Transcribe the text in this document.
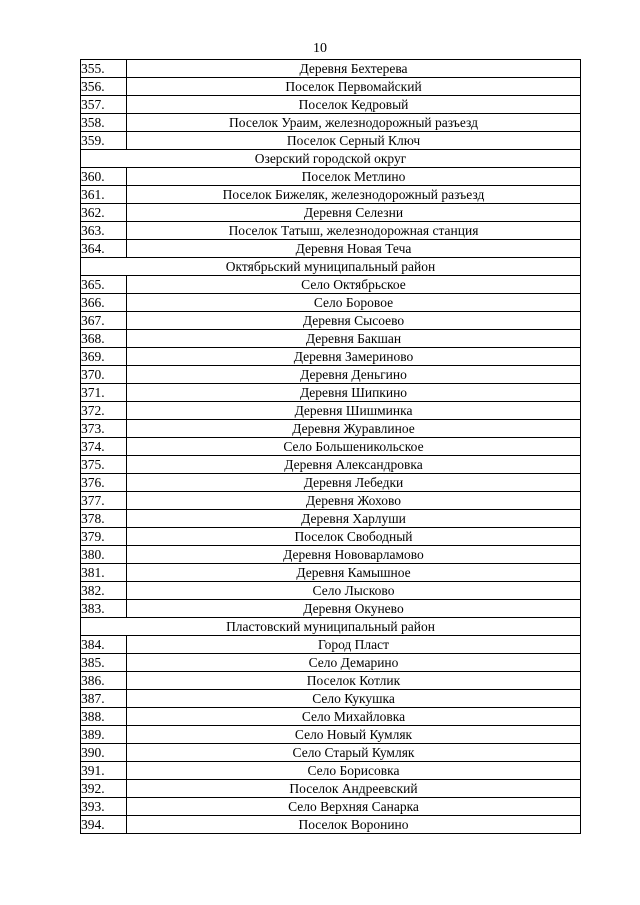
10
355.	Деревня Бехтерева
356.	Поселок Первомайский
357.	Поселок Кедровый
358.	Поселок Ураим, железнодорожный разъезд
359.	Поселок Серный Ключ
Озерский городской округ	
360.	Поселок Метлино
361.	Поселок Бижеляк, железнодорожный разъезд
362.	Деревня Селезни
363.	Поселок Татыш, железнодорожная станция
364.	Деревня Новая Теча
Октябрьский муниципальный район	
365.	Село Октябрьское
366.	Село Боровое
367.	Деревня Сысоево
368.	Деревня Бакшан
369.	Деревня Замериново
370.	Деревня Деньгино
371.	Деревня Шипкино
372.	Деревня Шишминка
373.	Деревня Журавлиное
374.	Село Большеникольское
375.	Деревня Александровка
376.	Деревня Лебедки
377.	Деревня Жохово
378.	Деревня Харлуши
379.	Поселок Свободный
380.	Деревня Нововарламово
381.	Деревня Камышное
382.	Село Лысково
383.	Деревня Окунево
Пластовский муниципальный район	
384.	Город Пласт
385.	Село Демарино
386.	Поселок Котлик
387.	Село Кукушка
388.	Село Михайловка
389.	Село Новый Кумляк
390.	Село Старый Кумляк
391.	Село Борисовка
392.	Поселок Андреевский
393.	Село Верхняя Санарка
394.	Поселок Воронино
